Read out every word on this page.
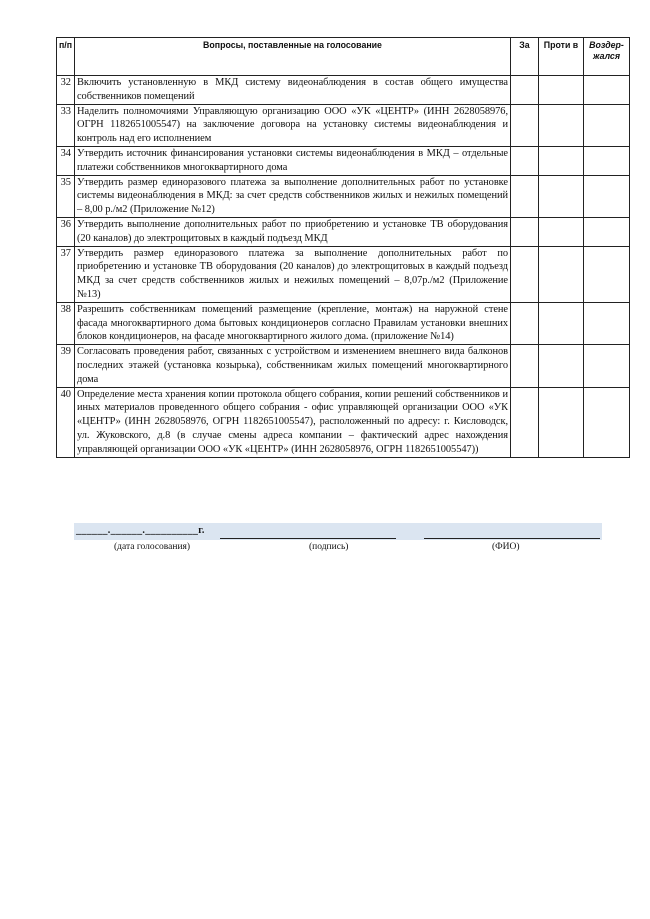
п/п	Вопросы, поставленные на голосование	За	Проти в	Воздер-жался
32	Включить установленную в МКД систему видеонаблюдения в состав общего имущества собственников помещений			
33	Наделить полномочиями Управляющую организацию ООО «УК «ЦЕНТР» (ИНН 2628058976, ОГРН 1182651005547) на заключение договора на установку системы видеонаблюдения и контроль над его исполнением			
34	Утвердить источник финансирования установки системы видеонаблюдения в МКД – отдельные платежи собственников многоквартирного дома			
35	Утвердить размер единоразового платежа за выполнение дополнительных работ по установке системы видеонаблюдения в МКД: за счет средств собственников жилых и нежилых помещений – 8,00 р./м2 (Приложение №12)			
36	Утвердить выполнение дополнительных работ по приобретению и установке ТВ оборудования (20 каналов) до электрощитовых в каждый подъезд МКД			
37	Утвердить размер единоразового платежа за выполнение дополнительных работ по приобретению и установке ТВ оборудования (20 каналов) до электрощитовых в каждый подъезд МКД за счет средств собственников жилых и нежилых помещений – 8,07р./м2 (Приложение №13)			
38	Разрешить собственникам помещений размещение (крепление, монтаж) на наружной стене фасада многоквартирного дома бытовых кондиционеров согласно Правилам установки внешних блоков кондиционеров, на фасаде многоквартирного жилого дома. (приложение №14)			
39	Согласовать проведения работ, связанных с устройством и изменением внешнего вида балконов последних этажей (установка козырька), собственникам жилых помещений многоквартирного дома			
40	Определение места хранения копии протокола общего собрания, копии решений собственников и иных материалов проведенного общего собрания - офис управляющей организации ООО «УК «ЦЕНТР» (ИНН 2628058976, ОГРН 1182651005547), расположенный по адресу: г. Кисловодск, ул. Жуковского, д.8 (в случае смены адреса компании – фактический адрес нахождения управляющей организации ООО «УК «ЦЕНТР» (ИНН 2628058976, ОГРН 1182651005547))			
______.______.__________г.
(дата голосования)	(подпись)	(ФИО)
